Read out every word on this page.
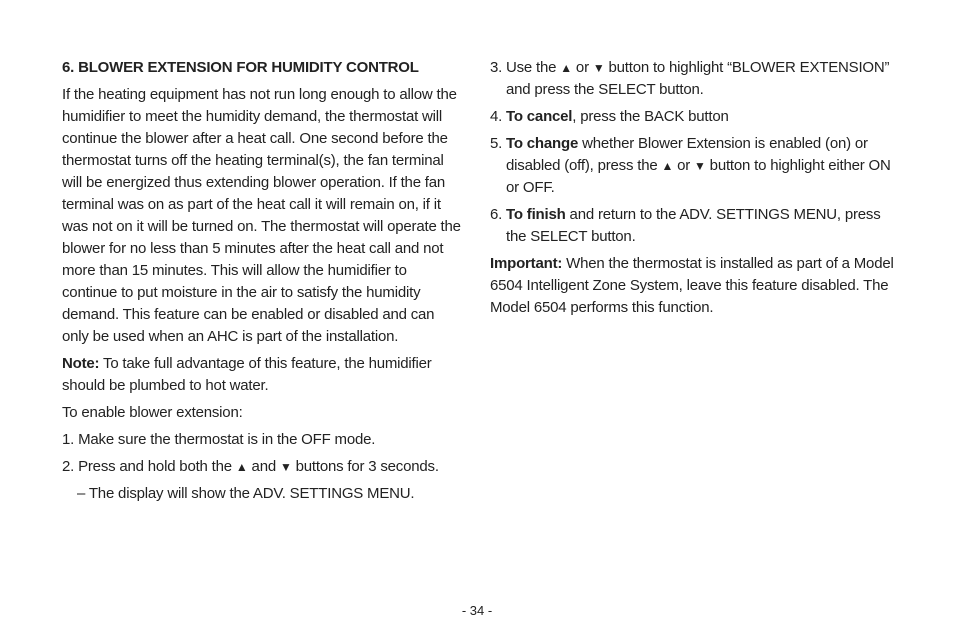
6. BLOWER EXTENSION FOR HUMIDITY CONTROL

If the heating equipment has not run long enough to allow the humidifier to meet the humidity demand, the thermostat will continue the blower after a heat call. One second before the thermostat turns off the heating terminal(s), the fan terminal will be energized thus extending blower operation. If the fan terminal was on as part of the heat call it will remain on, if it was not on it will be turned on. The thermostat will operate the blower for no less than 5 minutes after the heat call and not more than 15 minutes. This will allow the humidifier to continue to put moisture in the air to satisfy the humidity demand. This feature can be enabled or disabled and can only be used when an AHC is part of the installation.

Note: To take full advantage of this feature, the humidifier should be plumbed to hot water.

To enable blower extension:

1. Make sure the thermostat is in the OFF mode.

2. Press and hold both the ▲ and ▼ buttons for 3 seconds.

– The display will show the ADV. SETTINGS MENU.

3. Use the ▲ or ▼ button to highlight “BLOWER EXTENSION” and press the SELECT button.
4. To cancel, press the BACK button
5. To change whether Blower Extension is enabled (on) or disabled (off), press the ▲ or ▼ button to highlight either ON or OFF.
6. To finish and return to the ADV. SETTINGS MENU, press the SELECT button.

Important: When the thermostat is installed as part of a Model 6504 Intelligent Zone System, leave this feature disabled. The Model 6504 performs this function.

- 34 -
